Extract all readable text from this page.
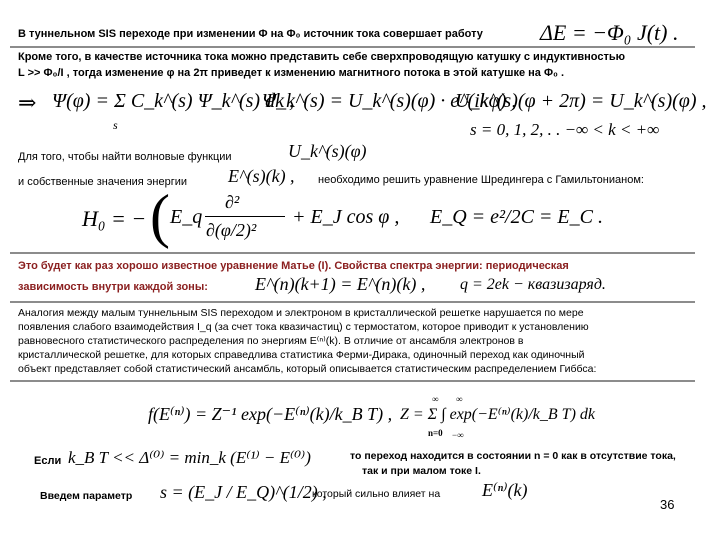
В туннельном SIS переходе при изменении Φ на Φ₀ источник тока совершает работу	ΔE = −Φ₀ J(t) .
Кроме того, в качестве источника тока можно представить себе сверхпроводящую катушку с индуктивностью
L >> Φ₀/I , тогда изменение φ на 2π приведет к изменению магнитного потока в этой катушке на Φ₀ .
⇒ Ψ(φ) = Σ C_k^(s) Ψ_k^(s) dk ,
s
Ψ_k^(s) = U_k^(s)(φ) · e^(ikφ) ,
U_k^(s)(φ + 2π) = U_k^(s)(φ) ,
s = 0, 1, 2, . . −∞ < k < +∞
Для того, чтобы найти волновые функции	U_k^(s)(φ)
и собственные значения энергии E^(s)(k) , необходимо решить уравнение Шредингера с Гамильтонианом:
H₀ = − ( E_q
∂²
∂(φ/2)²
+ E_J cos φ , E_Q = e²/2C = E_C .
Это будет как раз хорошо известное уравнение Матье (I). Свойства спектра энергии: периодическая
зависимость внутри каждой зоны:	E^(n)(k+1) = E^(n)(k) , q = 2ek − квазизаряд.
Аналогия между малым туннельным SIS переходом и электроном в кристаллической решетке нарушается по мере
появления слабого взаимодействия I_q (за счет тока квазичастиц) с термостатом, которое приводит к установлению
равновесного статистического распределения по энергиям E⁽ⁿ⁾(k). В отличие от ансамбля электронов в
кристаллической решетке, для которых справедлива статистика Ферми-Дирака, одиночный переход как одиночный
объект представляет собой статистический ансамбль, который описывается статистическим распределением Гиббса:
f(E⁽ⁿ⁾) = Z⁻¹ exp(−E⁽ⁿ⁾(k)/k_B T) , Z = Σ ∫ exp(−E⁽ⁿ⁾(k)/k_B T) dk
∞
n=0
∞
−∞
Если k_B T << Δ⁽⁰⁾ = min_k (E⁽¹⁾ − E⁽⁰⁾)	то переход находится в состоянии n = 0 как в отсутствие тока,
так и при малом токе I.
Введем параметр s = (E_J / E_Q)^(1/2) ,
который сильно влияет на E⁽ⁿ⁾(k)
36
